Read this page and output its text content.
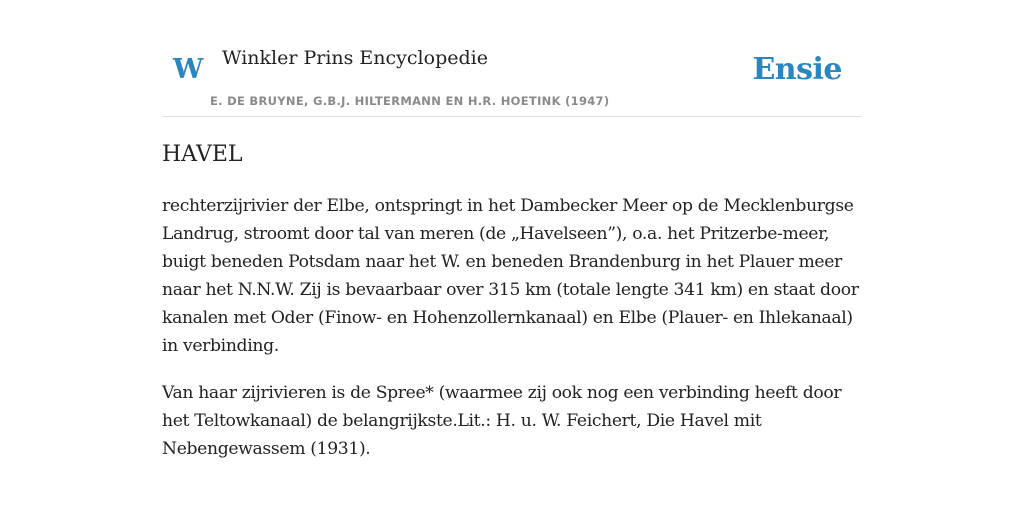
W Winkler Prins Encyclopedie
E. DE BRUYNE, G.B.J. HILTERMANN EN H.R. HOETINK (1947)
Ensie
HAVEL

rechterzijrivier der Elbe, ontspringt in het Dambecker Meer op de Mecklenburgse Landrug, stroomt door tal van meren (de „Havelseen”), o.a. het Pritzerbe-meer, buigt beneden Potsdam naar het W. en beneden Brandenburg in het Plauer meer naar het N.N.W. Zij is bevaarbaar over 315 km (totale lengte 341 km) en staat door kanalen met Oder (Finow- en Hohenzollernkanaal) en Elbe (Plauer- en Ihlekanaal) in verbinding.

Van haar zijrivieren is de Spree* (waarmee zij ook nog een verbinding heeft door het Teltowkanaal) de belangrijkste.Lit.: H. u. W. Feichert, Die Havel mit Nebengewassem (1931).
